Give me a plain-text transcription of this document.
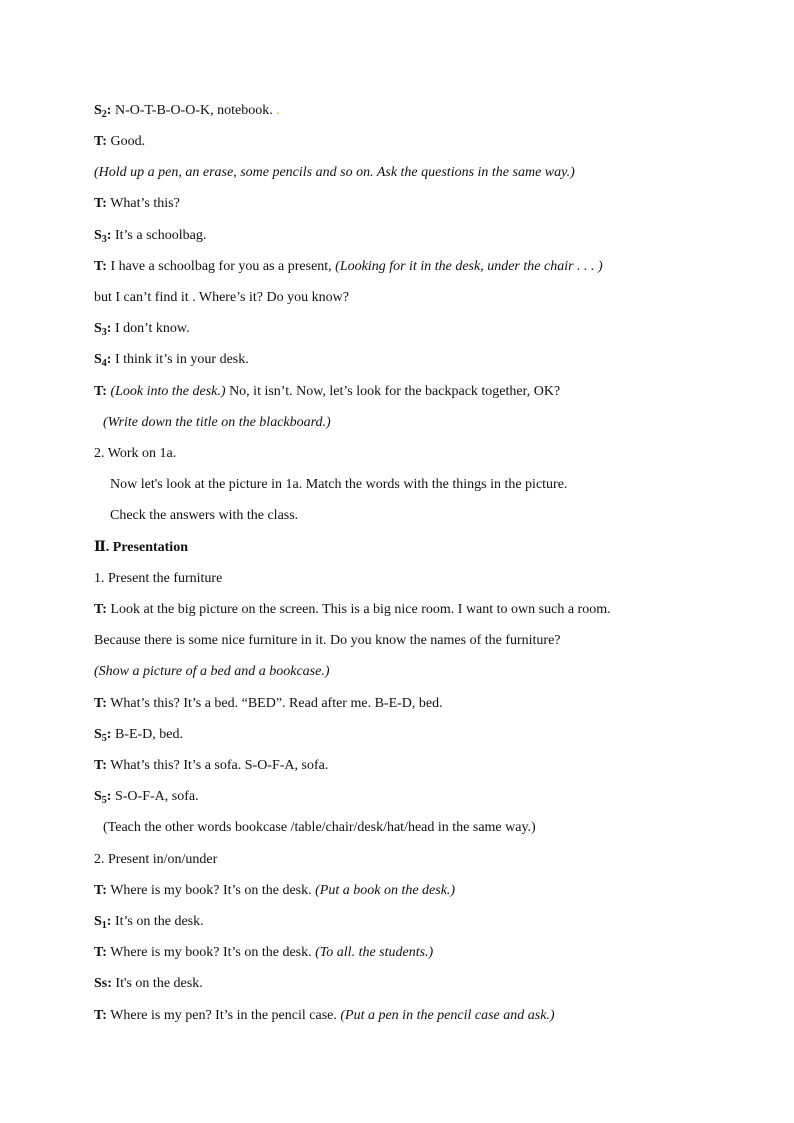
$S_2$: N-O-T-B-O-O-K, notebook. .
T: Good.
(Hold up a pen, an erase, some pencils and so on. Ask the questions in the same way.)
T: What’s this?
$S_3$: It’s a schoolbag.
T: I have a schoolbag for you as a present, (Looking for it in the desk, under the chair . . . )
but I can’t find it . Where’s it? Do you know?
$S_3$: I don’t know.
$S_4$: I think it’s in your desk.
T: (Look into the desk.) No, it isn’t. Now, let’s look for the backpack together, OK?
(Write down the title on the blackboard.)
2. Work on 1a.
Now let's look at the picture in 1a. Match the words with the things in the picture.
Check the answers with the class.
Ⅱ. Presentation
1. Present the furniture
T: Look at the big picture on the screen. This is a big nice room. I want to own such a room.
Because there is some nice furniture in it. Do you know the names of the furniture?
(Show a picture of a bed and a bookcase.)
T: What’s this? It’s a bed. “BED”. Read after me. B-E-D, bed.
$S_5$: B-E-D, bed.
T: What’s this? It’s a sofa. S-O-F-A, sofa.
$S_5$: S-O-F-A, sofa.
(Teach the other words bookcase /table/chair/desk/hat/head in the same way.)
2. Present in/on/under
T: Where is my book? It’s on the desk. (Put a book on the desk.)
$S_1$: It’s on the desk.
T: Where is my book? It’s on the desk. (To all. the students.)
Ss: It's on the desk.
T: Where is my pen? It’s in the pencil case. (Put a pen in the pencil case and ask.)
